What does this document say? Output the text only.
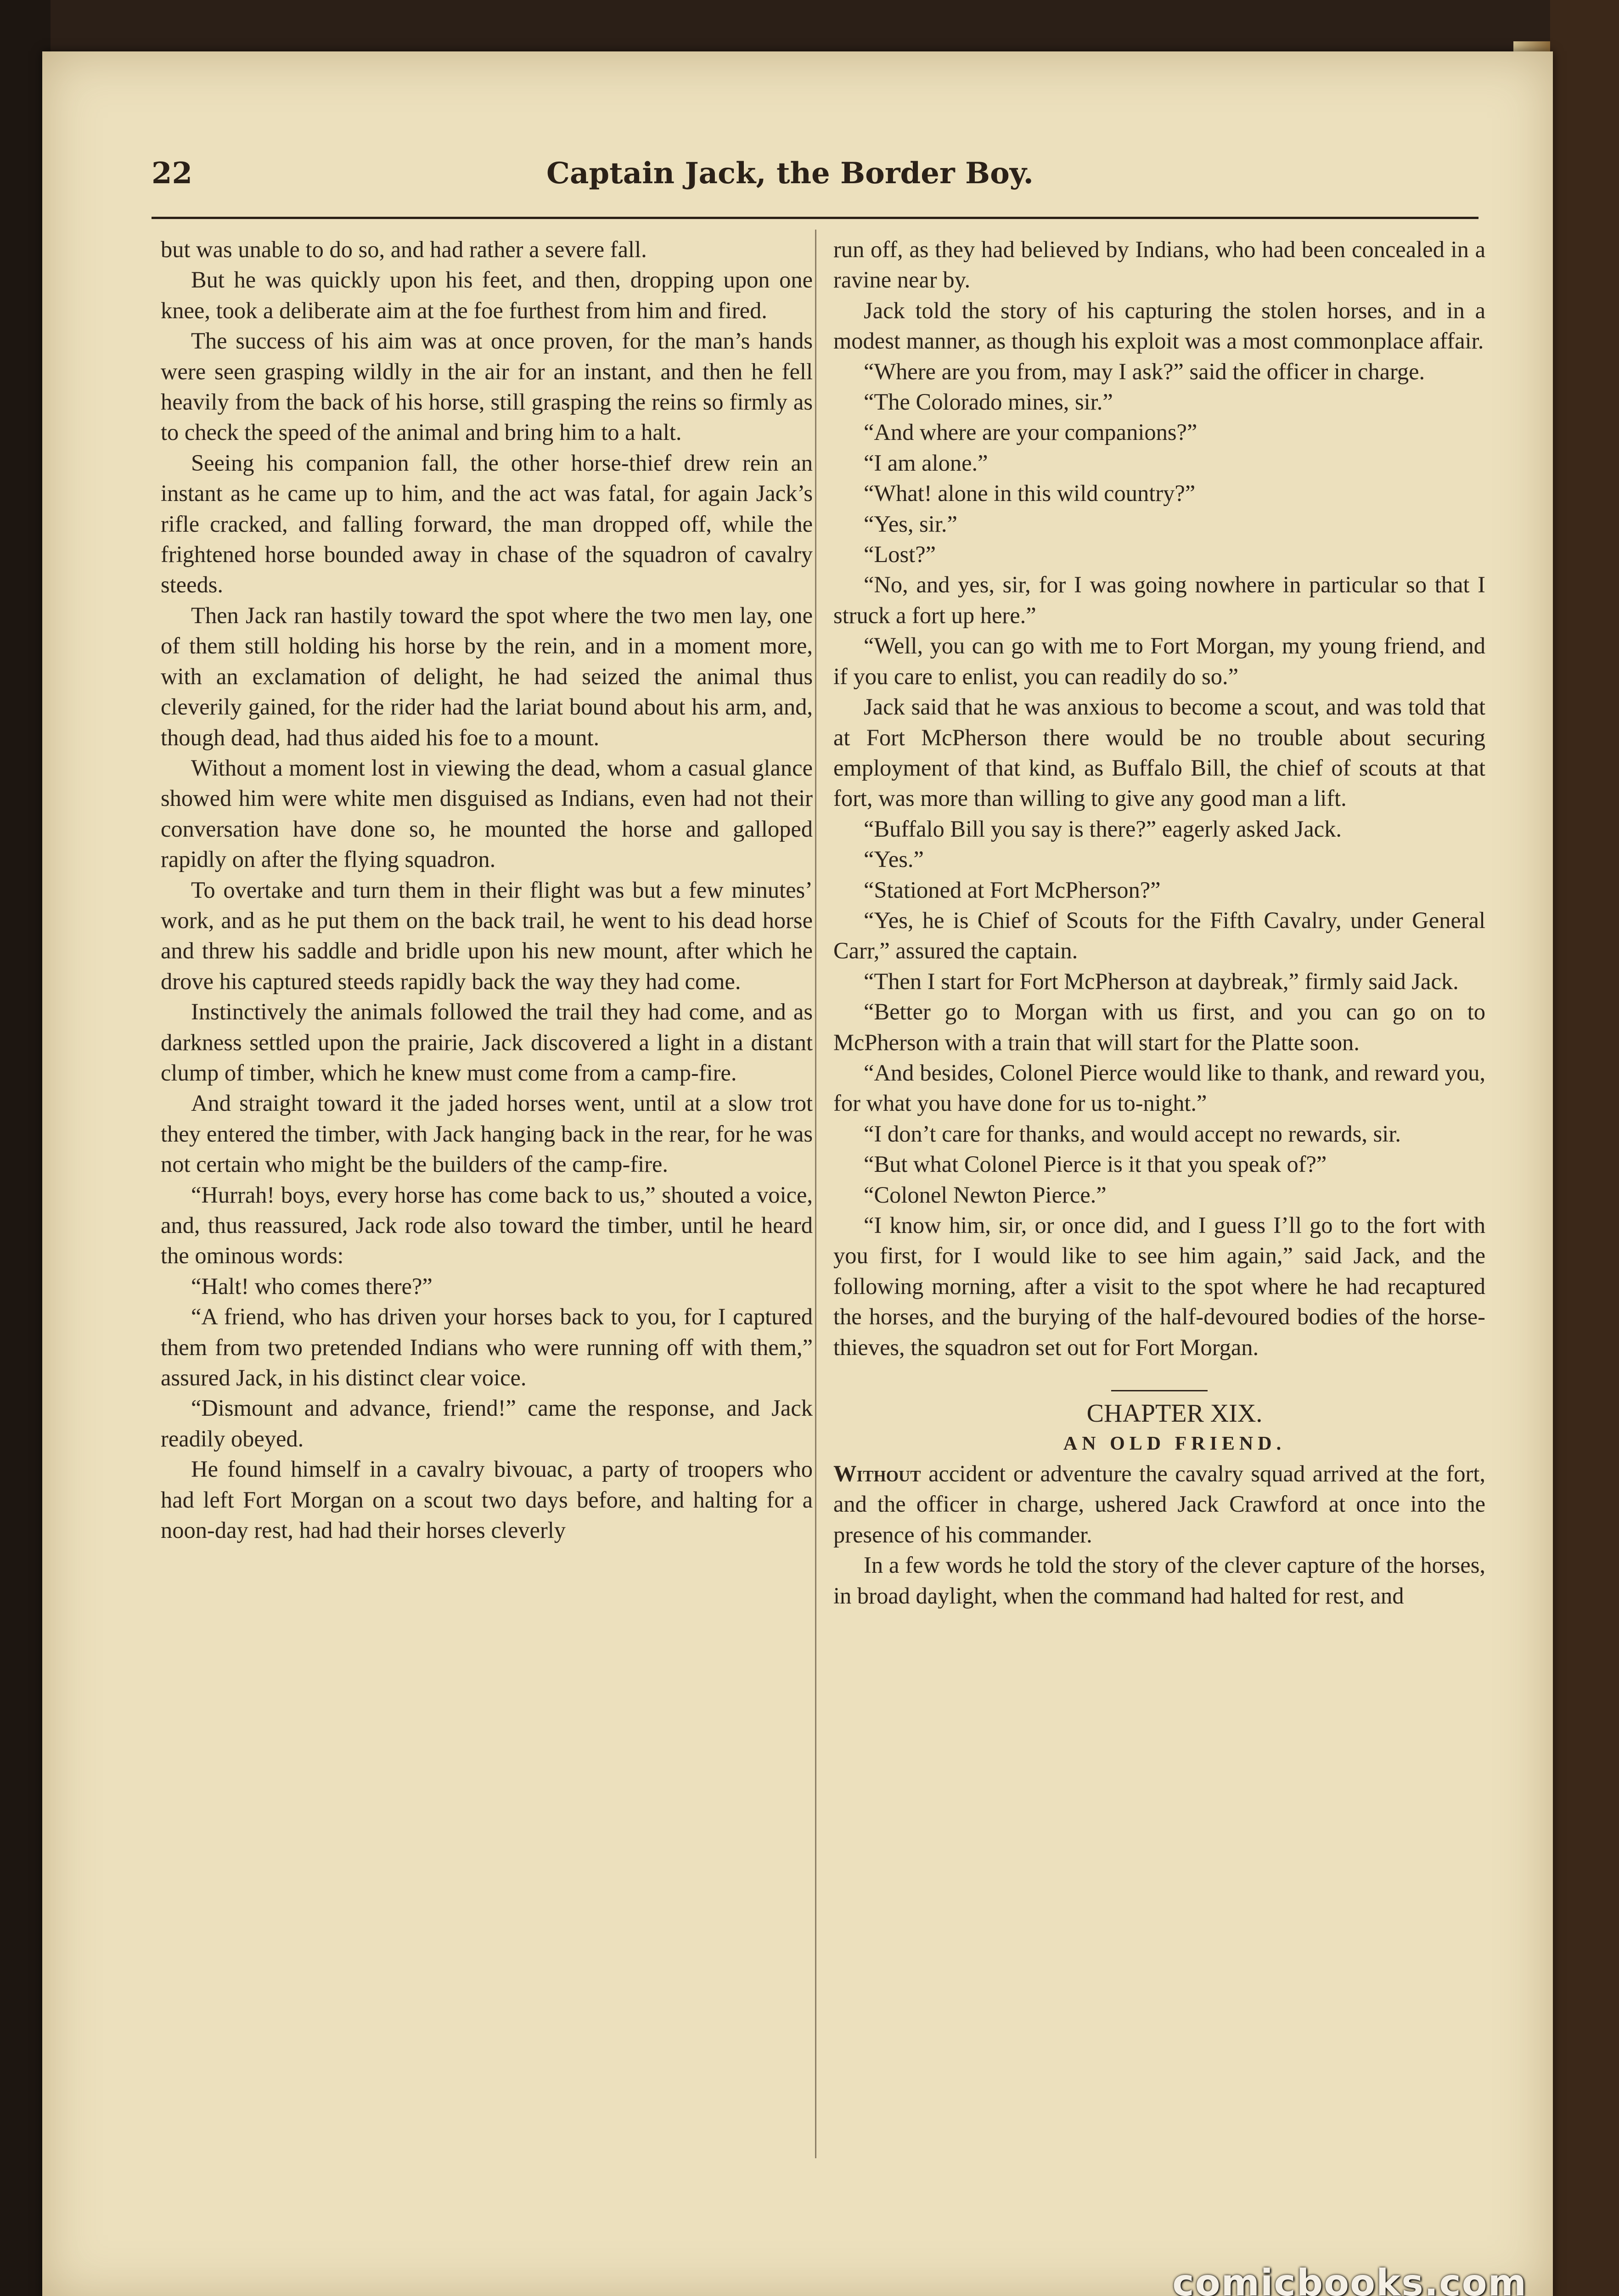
22	Captain Jack, the Border Boy.

but was unable to do so, and had rather a severe fall.

But he was quickly upon his feet, and then, dropping upon one knee, took a deliberate aim at the foe furthest from him and fired.

The success of his aim was at once proven, for the man’s hands were seen grasping wildly in the air for an instant, and then he fell heavily from the back of his horse, still grasping the reins so firmly as to check the speed of the animal and bring him to a halt.

Seeing his companion fall, the other horse-thief drew rein an instant as he came up to him, and the act was fatal, for again Jack’s rifle cracked, and falling forward, the man dropped off, while the frightened horse bounded away in chase of the squadron of cavalry steeds.

Then Jack ran hastily toward the spot where the two men lay, one of them still holding his horse by the rein, and in a moment more, with an exclamation of delight, he had seized the animal thus cleverily gained, for the rider had the lariat bound about his arm, and, though dead, had thus aided his foe to a mount.

Without a moment lost in viewing the dead, whom a casual glance showed him were white men disguised as Indians, even had not their conversation have done so, he mounted the horse and galloped rapidly on after the flying squadron.

To overtake and turn them in their flight was but a few minutes’ work, and as he put them on the back trail, he went to his dead horse and threw his saddle and bridle upon his new mount, after which he drove his captured steeds rapidly back the way they had come.

Instinctively the animals followed the trail they had come, and as darkness settled upon the prairie, Jack discovered a light in a distant clump of timber, which he knew must come from a camp-fire.

And straight toward it the jaded horses went, until at a slow trot they entered the timber, with Jack hanging back in the rear, for he was not certain who might be the builders of the camp-fire.

“Hurrah! boys, every horse has come back to us,” shouted a voice, and, thus reassured, Jack rode also toward the timber, until he heard the ominous words:

“Halt! who comes there?”

“A friend, who has driven your horses back to you, for I captured them from two pretended Indians who were running off with them,” assured Jack, in his distinct clear voice.

“Dismount and advance, friend!” came the response, and Jack readily obeyed.

He found himself in a cavalry bivouac, a party of troopers who had left Fort Morgan on a scout two days before, and halting for a noon-day rest, had had their horses cleverly

run off, as they had believed by Indians, who had been concealed in a ravine near by.

Jack told the story of his capturing the stolen horses, and in a modest manner, as though his exploit was a most commonplace affair.

“Where are you from, may I ask?” said the officer in charge.

“The Colorado mines, sir.”

“And where are your companions?”

“I am alone.”

“What! alone in this wild country?”

“Yes, sir.”

“Lost?”

“No, and yes, sir, for I was going nowhere in particular so that I struck a fort up here.”

“Well, you can go with me to Fort Morgan, my young friend, and if you care to enlist, you can readily do so.”

Jack said that he was anxious to become a scout, and was told that at Fort McPherson there would be no trouble about securing employment of that kind, as Buffalo Bill, the chief of scouts at that fort, was more than willing to give any good man a lift.

“Buffalo Bill you say is there?” eagerly asked Jack.

“Yes.”

“Stationed at Fort McPherson?”

“Yes, he is Chief of Scouts for the Fifth Cavalry, under General Carr,” assured the captain.

“Then I start for Fort McPherson at daybreak,” firmly said Jack.

“Better go to Morgan with us first, and you can go on to McPherson with a train that will start for the Platte soon.

“And besides, Colonel Pierce would like to thank, and reward you, for what you have done for us to-night.”

“I don’t care for thanks, and would accept no rewards, sir.

“But what Colonel Pierce is it that you speak of?”

“Colonel Newton Pierce.”

“I know him, sir, or once did, and I guess I’ll go to the fort with you first, for I would like to see him again,” said Jack, and the following morning, after a visit to the spot where he had recaptured the horses, and the burying of the half-devoured bodies of the horse-thieves, the squadron set out for Fort Morgan.

CHAPTER XIX.

AN OLD FRIEND.

Without accident or adventure the cavalry squad arrived at the fort, and the officer in charge, ushered Jack Crawford at once into the presence of his commander.

In a few words he told the story of the clever capture of the horses, in broad daylight, when the command had halted for rest, and

comicbooks.com
